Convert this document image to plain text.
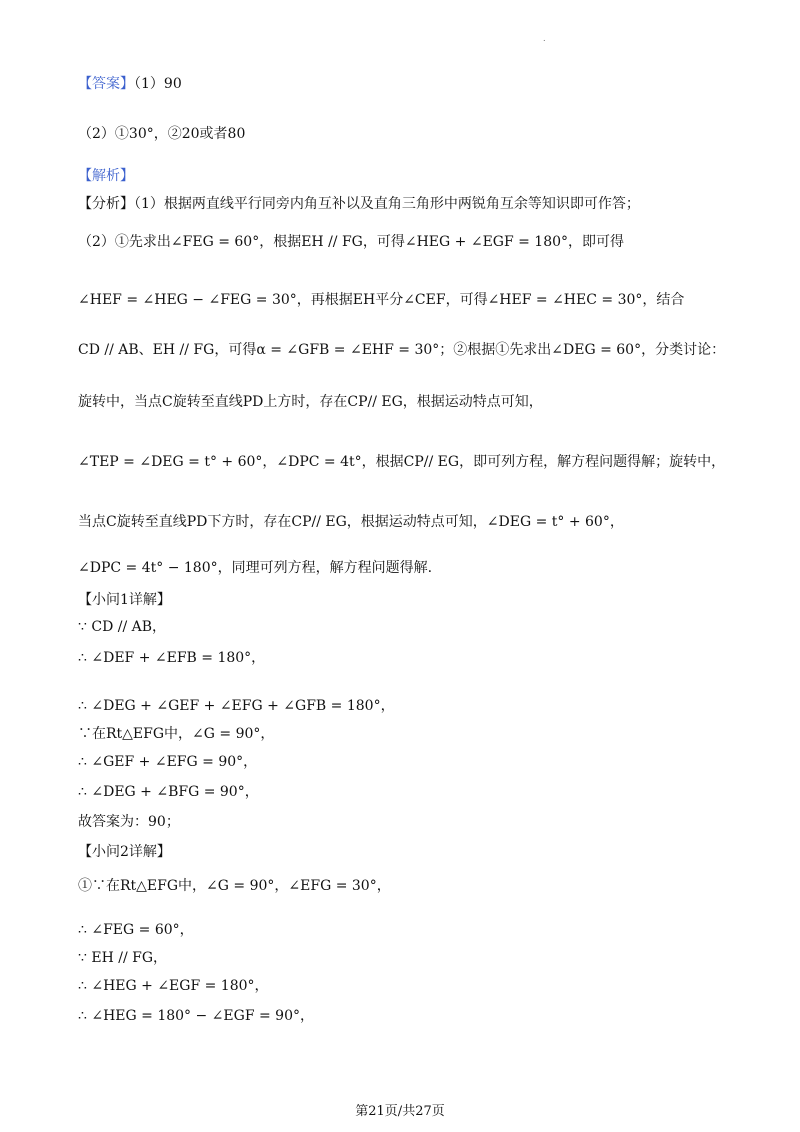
.
【答案】（1）90
（2）①30°，②20或者80
【解析】
【分析】（1）根据两直线平行同旁内角互补以及直角三角形中两锐角互余等知识即可作答；
（2）①先求出∠FEG = 60°，根据EH // FG，可得∠HEG + ∠EGF = 180°，即可得
∠HEF = ∠HEG − ∠FEG = 30°，再根据EH平分∠CEF，可得∠HEF = ∠HEC = 30°，结合
CD // AB、EH // FG，可得α = ∠GFB = ∠EHF = 30°；②根据①先求出∠DEG = 60°，分类讨论：
旋转中，当点C旋转至直线PD上方时，存在CP// EG，根据运动特点可知，
∠TEP = ∠DEG = t° + 60°，∠DPC = 4t°，根据CP// EG，即可列方程，解方程问题得解；旋转中，
当点C旋转至直线PD下方时，存在CP// EG，根据运动特点可知，∠DEG = t° + 60°，
∠DPC = 4t° − 180°，同理可列方程，解方程问题得解.
【小问1详解】
∵ CD // AB，
∴ ∠DEF + ∠EFB = 180°，
∴ ∠DEG + ∠GEF + ∠EFG + ∠GFB = 180°，
∵在Rt△EFG中，∠G = 90°，
∴ ∠GEF + ∠EFG = 90°，
∴ ∠DEG + ∠BFG = 90°，
故答案为：90；
【小问2详解】
①∵在Rt△EFG中，∠G = 90°，∠EFG = 30°，
∴ ∠FEG = 60°，
∵ EH // FG，
∴ ∠HEG + ∠EGF = 180°，
∴ ∠HEG = 180° − ∠EGF = 90°，
第21页/共27页
